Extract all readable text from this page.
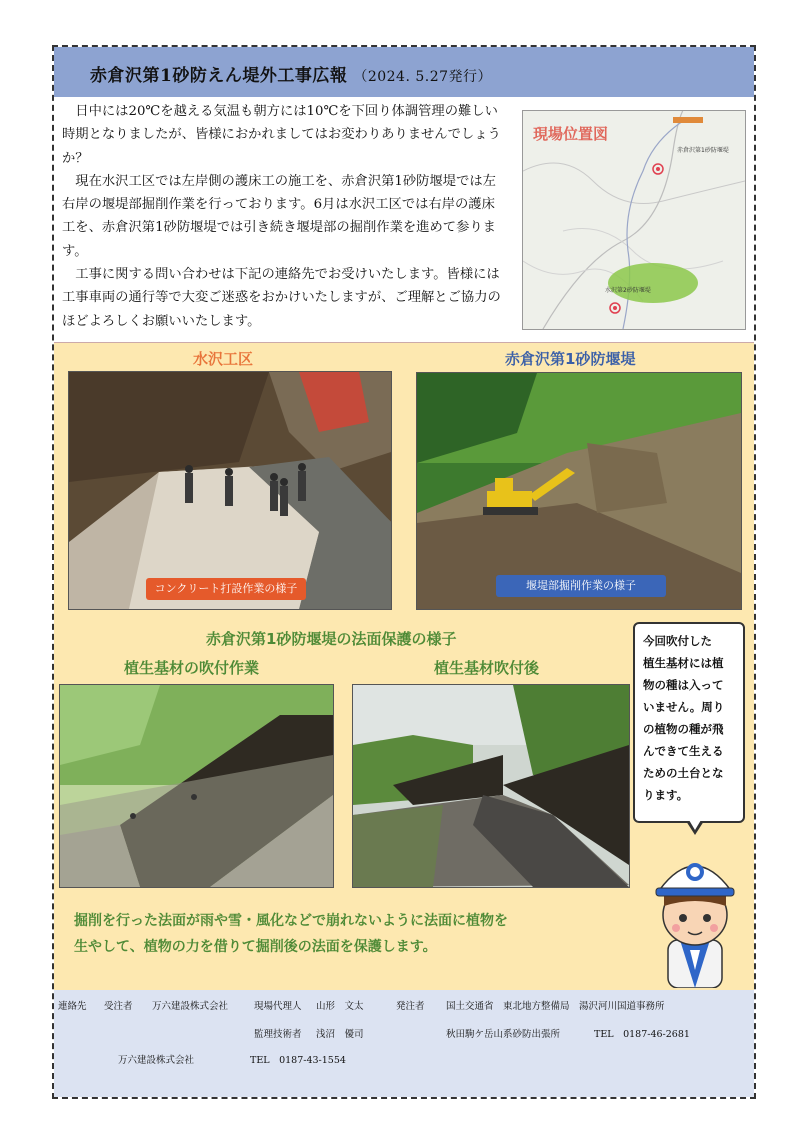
赤倉沢第1砂防えん堤外工事広報 （2024. 5.27発行）

日中には20℃を越える気温も朝方には10℃を下回り体調管理の難しい時期となりましたが、皆様におかれましてはお変わりありませんでしょうか？

現在水沢工区では左岸側の護床工の施工を、赤倉沢第1砂防堰堤では左右岸の堰堤部掘削作業を行っております。6月は水沢工区では右岸の護床工を、赤倉沢第1砂防堰堤では引き続き堰堤部の掘削作業を進めて参ります。

工事に関する問い合わせは下記の連絡先でお受けいたします。皆様には工事車両の通行等で大変ご迷惑をおかけいたしますが、ご理解とご協力のほどよろしくお願いいたします。

現場位置図
赤倉沢第1砂防堰堤
水沢第2砂防堰堤
水沢工区	赤倉沢第1砂防堰堤
コンクリート打設作業の様子	堰堤部掘削作業の様子
赤倉沢第1砂防堰堤の法面保護の様子
植生基材の吹付作業	植生基材吹付後
今回吹付した
植生基材には植
物の種は入って
いません。周り
の植物の種が飛
んできて生える
ための土台とな
ります。

掘削を行った法面が雨や雪・風化などで崩れないように法面に植物を

生やして、植物の力を借りて掘削後の法面を保護します。

連絡先 受注者 万六建設株式会社	現場代理人 山形　文太	発注者 国土交通省　東北地方整備局　湯沢河川国道事務所
監理技術者 浅沼　優司	秋田駒ケ岳山系砂防出張所	TEL　0187-46-2681
万六建設株式会社	TEL　0187-43-1554
